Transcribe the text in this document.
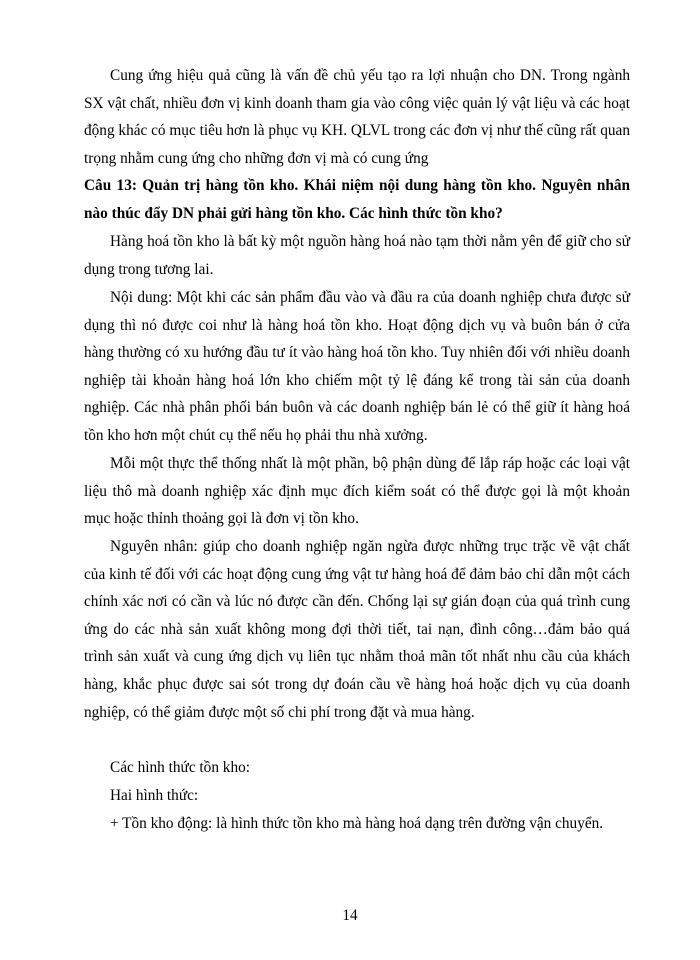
Cung ứng hiệu quả cũng là vấn đề chủ yếu tạo ra lợi nhuận cho DN. Trong ngành SX vật chất, nhiều đơn vị kinh doanh tham gia vào công việc quản lý vật liệu và các hoạt động khác có mục tiêu hơn là phục vụ KH. QLVL trong các đơn vị như thế cũng rất quan trọng nhằm cung ứng cho những đơn vị mà có cung ứng

Câu 13: Quản trị hàng tồn kho. Khái niệm nội dung hàng tồn kho. Nguyên nhân nào thúc đẩy DN phải gửi hàng tồn kho. Các hình thức tồn kho?

Hàng hoá tồn kho là bất kỳ một nguồn hàng hoá nào tạm thời nằm yên để giữ cho sử dụng trong tương lai.

Nội dung: Một khi các sản phẩm đầu vào và đầu ra của doanh nghiệp chưa được sử dụng thì nó được coi như là hàng hoá tồn kho. Hoạt động dịch vụ và buôn bán ở cửa hàng thường có xu hướng đầu tư ít vào hàng hoá tồn kho. Tuy nhiên đối với nhiều doanh nghiệp tài khoản hàng hoá lớn kho chiếm một tỷ lệ đáng kể trong tài sản của doanh nghiệp. Các nhà phân phối bán buôn và các doanh nghiệp bán lẻ có thể giữ ít hàng hoá tồn kho hơn một chút cụ thể nếu họ phải thu nhà xưởng.

Mỗi một thực thể thống nhất là một phần, bộ phận dùng để lắp ráp hoặc các loại vật liệu thô mà doanh nghiệp xác định mục đích kiểm soát có thể được gọi là một khoản mục hoặc thỉnh thoảng gọi là đơn vị tồn kho.

Nguyên nhân: giúp cho doanh nghiệp ngăn ngừa được những trục trặc về vật chất của kinh tế đối với các hoạt động cung ứng vật tư hàng hoá để đảm bảo chỉ dẫn một cách chính xác nơi có cần và lúc nó được cần đến. Chống lại sự gián đoạn của quá trình cung ứng do các nhà sản xuất không mong đợi thời tiết, tai nạn, đình công…đảm bảo quá trình sản xuất và cung ứng dịch vụ liên tục nhằm thoả mãn tốt nhất nhu cầu của khách hàng, khắc phục được sai sót trong dự đoán cầu về hàng hoá hoặc dịch vụ của doanh nghiệp, có thể giảm được một số chi phí trong đặt và mua hàng.

Các hình thức tồn kho:

Hai hình thức:

+ Tồn kho động: là hình thức tồn kho mà hàng hoá dạng trên đường vận chuyển.

14
